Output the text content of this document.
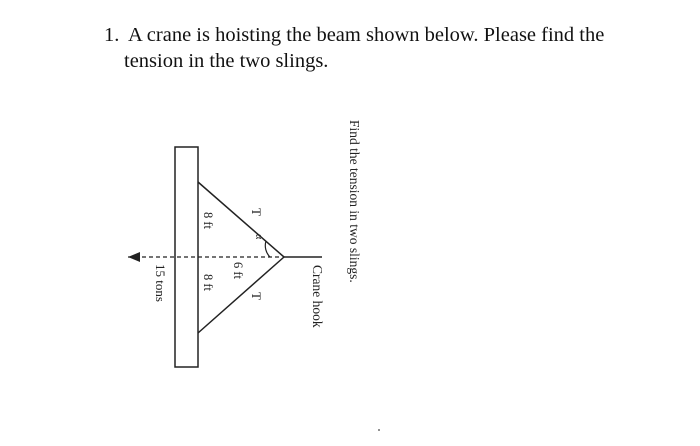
1. A crane is hoisting the beam shown below. Please find the
tension in the two slings.
Find the tension in two slings.
Crane hook
T
T
α
6 ft
8 ft
8 ft
15 tons
